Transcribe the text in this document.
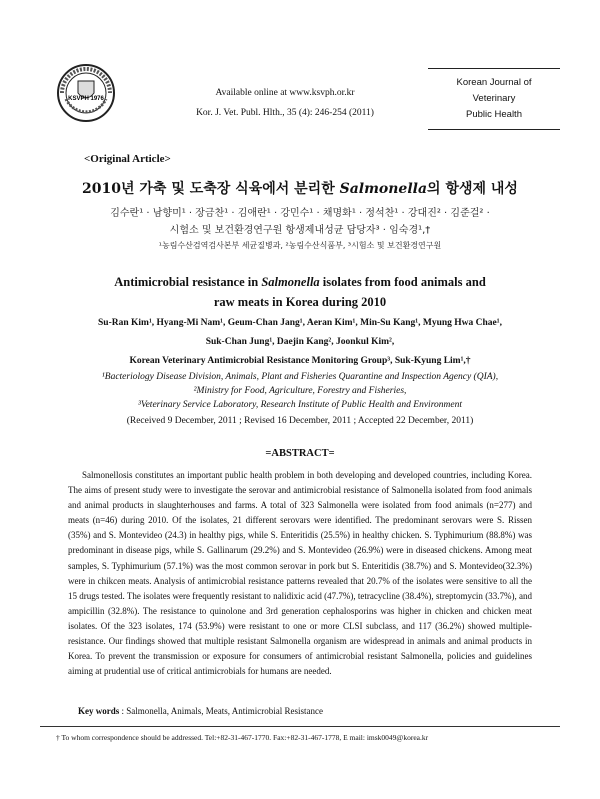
KSVPH 1976
Available online at www.ksvph.or.kr
Kor. J. Vet. Publ. Hlth., 35 (4): 246-254 (2011)
Korean Journal of
Veterinary
Public Health
<Original Article>
2010년 가축 및 도축장 식육에서 분리한 Salmonella의 항생제 내성
김수란¹ · 남향미¹ · 장금찬¹ · 김애란¹ · 강민수¹ · 채명화¹ · 정석찬¹ · 강대진² · 김준걸² ·
시험소 및 보건환경연구원 항생제내성균 담당자³ · 임숙경¹,†
¹농림수산검역검사본부 세균질병과, ²농림수산식품부, ³시험소 및 보건환경연구원
Antimicrobial resistance in Salmonella isolates from food animals and
raw meats in Korea during 2010
Su-Ran Kim¹, Hyang-Mi Nam¹, Geum-Chan Jang¹, Aeran Kim¹, Min-Su Kang¹, Myung Hwa Chae¹,
Suk-Chan Jung¹, Daejin Kang², Joonkul Kim²,
Korean Veterinary Antimicrobial Resistance Monitoring Group³, Suk-Kyung Lim¹,†
¹Bacteriology Disease Division, Animals, Plant and Fisheries Quarantine and Inspection Agency (QIA),
²Ministry for Food, Agriculture, Forestry and Fisheries,
³Veterinary Service Laboratory, Research Institute of Public Health and Environment
(Received 9 December, 2011 ; Revised 16 December, 2011 ; Accepted 22 December, 2011)
=ABSTRACT=
Salmonellosis constitutes an important public health problem in both developing and developed countries, including Korea. The aims of present study were to investigate the serovar and antimicrobial resistance of Salmonella isolated from food animals and animal products in slaughterhouses and farms. A total of 323 Salmonella were isolated from food animals (n=277) and meats (n=46) during 2010. Of the isolates, 21 different serovars were identified. The predominant serovars were S. Rissen (35%) and S. Montevideo (24.3) in healthy pigs, while S. Enteritidis (25.5%) in healthy chicken. S. Typhimurium (88.8%) was predominant in disease pigs, while S. Gallinarum (29.2%) and S. Montevideo (26.9%) were in diseased chickens. Among meat samples, S. Typhimurium (57.1%) was the most common serovar in pork but S. Enteritidis (38.7%) and S. Montevideo(32.3%) were in chikcen meats. Analysis of antimicrobial resistance patterns revealed that 20.7% of the isolates were sensitive to all the 15 drugs tested. The isolates were frequently resistant to nalidixic acid (47.7%), tetracycline (38.4%), streptomycin (33.7%), and ampicillin (32.8%). The resistance to quinolone and 3rd generation cephalosporins was higher in chicken and chicken meat isolates. Of the 323 isolates, 174 (53.9%) were resistant to one or more CLSI subclass, and 117 (36.2%) showed multiple-resistance. Our findings showed that multiple resistant Salmonella organism are widespread in animals and animal products in Korea. To prevent the transmission or exposure for consumers of antimicrobial resistant Salmonella, policies and guidelines aiming at prudential use of critical antimicrobials for humans are needed.
Key words : Salmonella, Animals, Meats, Antimicrobial Resistance
† To whom correspondence should be addressed. Tel:+82-31-467-1770. Fax:+82-31-467-1778, E mail: imsk0049@korea.kr
